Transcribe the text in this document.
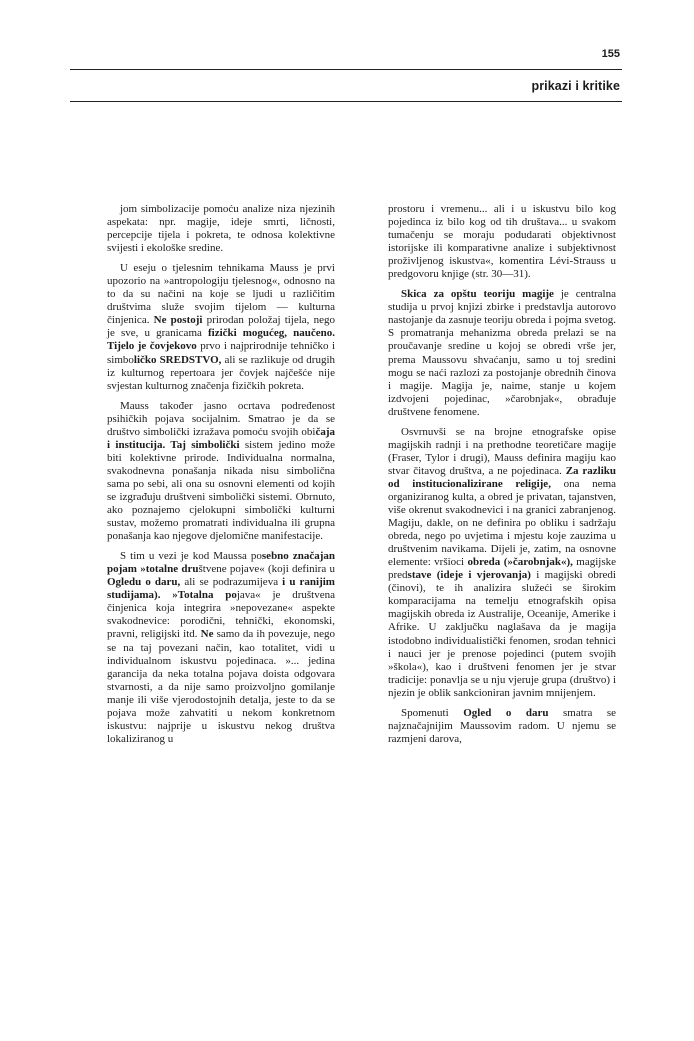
155
prikazi i kritike

jom simbolizacije pomoću analize niza njezinih aspekata: npr. magije, ideje smrti, ličnosti, percepcije tijela i pokreta, te odnosa kolektivne svijesti i ekološke sredine.

U eseju o tjelesnim tehnikama Mauss je prvi upozorio na »antropologiju tjelesnog«, odnosno na to da su načini na koje se ljudi u različitim društvima služe svojim tijelom — kulturna činjenica. Ne postoji prirodan položaj tijela, nego je sve, u granicama fizički mogućeg, naučeno. Tijelo je čovjekovo prvo i najprirodnije tehničko i simboličko SREDSTVO, ali se razlikuje od drugih iz kulturnog repertoara jer čovjek najčešće nije svjestan kulturnog značenja fizičkih pokreta.

Mauss također jasno ocrtava podređenost psihičkih pojava socijalnim. Smatrao je da se društvo simbolički izražava pomoću svojih običaja i institucija. Taj simbolički sistem jedino može biti kolektivne prirode. Individualna normalna, svakodnevna ponašanja nikada nisu simbolična sama po sebi, ali ona su osnovni elementi od kojih se izgrađuju društveni simbolički sistemi. Obrnuto, ako poznajemo cjelokupni simbolički kulturni sustav, možemo promatrati individualna ili grupna ponašanja kao njegove djelomične manifestacije.

S tim u vezi je kod Maussa posebno značajan pojam »totalne društvene pojave« (koji definira u Ogledu o daru, ali se podrazumijeva i u ranijim studijama). »Totalna pojava« je društvena činjenica koja integrira »nepovezane« aspekte svakodnevice: porodični, tehnički, ekonomski, pravni, religijski itd. Ne samo da ih povezuje, nego se na taj povezani način, kao totalitet, vidi u individualnom iskustvu pojedinaca. »... jedina garancija da neka totalna pojava doista odgovara stvarnosti, a da nije samo proizvoljno gomilanje manje ili više vjerodostojnih detalja, jeste to da se pojava može zahvatiti u nekom konkretnom iskustvu: najprije u iskustvu nekog društva lokaliziranog u

prostoru i vremenu... ali i u iskustvu bilo kog pojedinca iz bilo kog od tih društava... u svakom tumačenju se moraju podudarati objektivnost istorijske ili komparativne analize i subjektivnost proživljenog iskustva«, komentira Lévi-Strauss u predgovoru knjige (str. 30—31).

Skica za opštu teoriju magije je centralna studija u prvoj knjizi zbirke i predstavlja autorovo nastojanje da zasnuje teoriju obreda i pojma svetog. S promatranja mehanizma obreda prelazi se na proučavanje sredine u kojoj se obredi vrše jer, prema Maussovu shvaćanju, samo u toj sredini mogu se naći razlozi za postojanje obrednih činova i magije. Magija je, naime, stanje u kojem izdvojeni pojedinac, »čarobnjak«, obrađuje društvene fenomene.

Osvrnuvši se na brojne etnografske opise magijskih radnji i na prethodne teoretičare magije (Fraser, Tylor i drugi), Mauss definira magiju kao stvar čitavog društva, a ne pojedinaca. Za razliku od institucionalizirane religije, ona nema organiziranog kulta, a obred je privatan, tajanstven, više okrenut svakodnevici i na granici zabranjenog. Magiju, dakle, on ne definira po obliku i sadržaju obreda, nego po uvjetima i mjestu koje zauzima u društvenim navikama. Dijeli je, zatim, na osnovne elemente: vršioci obreda (»čarobnjak«), magijske predstave (ideje i vjerovanja) i magijski obredi (činovi), te ih analizira služeći se širokim komparacijama na temelju etnografskih opisa magijskih obreda iz Australije, Oceanije, Amerike i Afrike. U zaključku naglašava da je magija istodobno individualistički fenomen, srodan tehnici i nauci jer je prenose pojedinci (putem svojih »škola«), kao i društveni fenomen jer je stvar tradicije: ponavlja se u nju vjeruje grupa (društvo) i njezin je oblik sankcioniran javnim mnijenjem.

Spomenuti Ogled o daru smatra se najznačajnijim Maussovim radom. U njemu se razmjeni darova,
